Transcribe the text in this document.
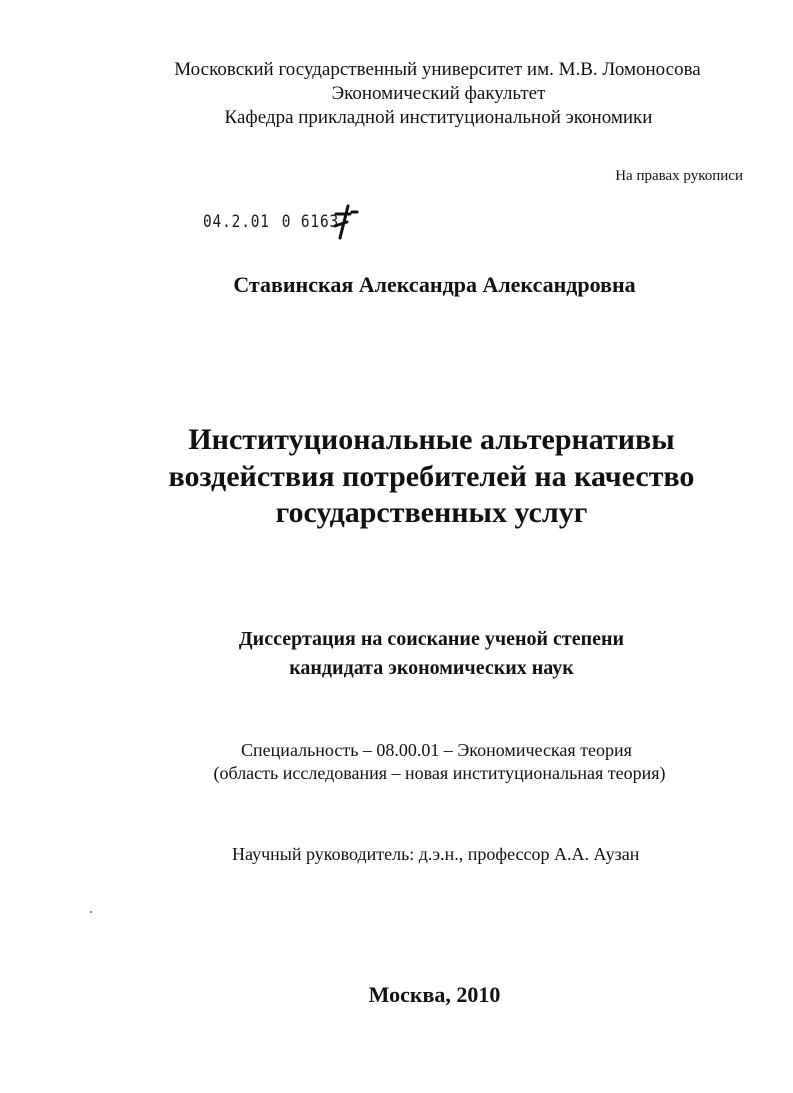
Московский государственный университет им. М.В. Ломоносова
Экономический факультет
Кафедра прикладной институциональной экономики
На правах рукописи
04.2.01 0 6163
Ставинская Александра Александровна
Институциональные альтернативы
воздействия потребителей на качество
государственных услуг
Диссертация на соискание ученой степени
кандидата экономических наук
Специальность – 08.00.01 – Экономическая теория
(область исследования – новая институциональная теория)
Научный руководитель: д.э.н., профессор А.А. Аузан
Москва, 2010
